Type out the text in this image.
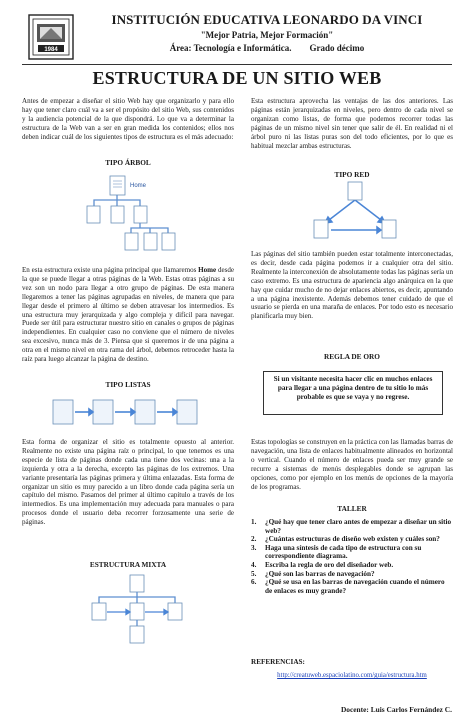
1984
INSTITUCIÓN EDUCATIVA LEONARDO DA VINCI
"Mejor Patria, Mejor Formación"
Área: Tecnología e Informática. Grado décimo
ESTRUCTURA DE UN SITIO WEB

Antes de empezar a diseñar el sitio Web hay que organizarlo y para ello hay que tener claro cuál va a ser el propósito del sitio Web, sus contenidos y la audiencia potencial de la que dispondrá. Lo que va a determinar la estructura de la Web van a ser en gran medida los contenidos; ellos nos deben indicar cuál de los siguientes tipos de estructura es el más adecuado:

TIPO ÁRBOL
Home

En esta estructura existe una página principal que llamaremos Home desde la que se puede llegar a otras páginas de la Web. Estas otras páginas a su vez son un nodo para llegar a otro grupo de páginas. De esta manera llegaremos a tener las páginas agrupadas en niveles, de manera que para llegar desde el primero al último se deben atravesar los intermedios. Es una estructura muy jerarquizada y algo compleja y difícil para navegar. Puede ser útil para estructurar nuestro sitio en canales o grupos de páginas independientes. En cualquier caso no conviene que el número de niveles sea excesivo, nunca más de 3. Piensa que si queremos ir de una página a otra en el mismo nivel en otra rama del árbol, debemos retroceder hasta la raíz para luego alcanzar la página de destino.

TIPO LISTAS

Esta forma de organizar el sitio es totalmente opuesto al anterior. Realmente no existe una página raíz o principal, lo que tenemos es una especie de lista de páginas donde cada una tiene dos vecinas: una a la izquierda y otra a la derecha, excepto las páginas de los extremos. Una variante presentaría las páginas primera y última enlazadas. Esta forma de organizar un sitio es muy parecido a un libro donde cada página sería un capítulo del mismo. Pasamos del primer al último capítulo a través de los intermedios. Es una implementación muy adecuada para manuales o para procesos donde el usuario deba recorrer forzosamente una serie de páginas.

ESTRUCTURA MIXTA

Esta estructura aprovecha las ventajas de las dos anteriores. Las páginas están jerarquizadas en niveles, pero dentro de cada nivel se organizan como listas, de forma que podemos recorrer todas las páginas de un mismo nivel sin tener que salir de él. En realidad ni el árbol puro ni las listas puras son del todo eficientes, por lo que es habitual mezclar ambas estructuras.

TIPO RED

Las páginas del sitio también pueden estar totalmente interconectadas, es decir, desde cada página podemos ir a cualquier otra del sitio. Realmente la interconexión de absolutamente todas las páginas sería un caso extremo. Es una estructura de apariencia algo anárquica en la que hay que cuidar mucho de no dejar enlaces abiertos, es decir, apuntando a una página inexistente. Además debemos tener cuidado de que el usuario se pierda en una maraña de enlaces. Por todo esto es necesario planificarla muy bien.

REGLA DE ORO
Si un visitante necesita hacer clic en muchos enlaces para llegar a una página dentro de tu sitio lo más probable es que se vaya y no regrese.

Estas topologías se construyen en la práctica con las llamadas barras de navegación, una lista de enlaces habitualmente alineados en horizontal o vertical. Cuando el número de enlaces pueda ser muy grande se recurre a sistemas de menús desplegables donde se agrupan las opciones, como por ejemplo en los menús de opciones de la mayoría de los programas.

TALLER
1. ¿Qué hay que tener claro antes de empezar a diseñar un sitio web?
2. ¿Cuántas estructuras de diseño web existen y cuáles son?
3. Haga una síntesis de cada tipo de estructura con su correspondiente diagrama.
4. Escriba la regla de oro del diseñador web.
5. ¿Qué son las barras de navegación?
6. ¿Qué se usa en las barras de navegación cuando el número de enlaces es muy grande?
REFERENCIAS:
http://creatuweb.espaciolatino.com/guia/estructura.htm
Docente: Luis Carlos Fernández C.
